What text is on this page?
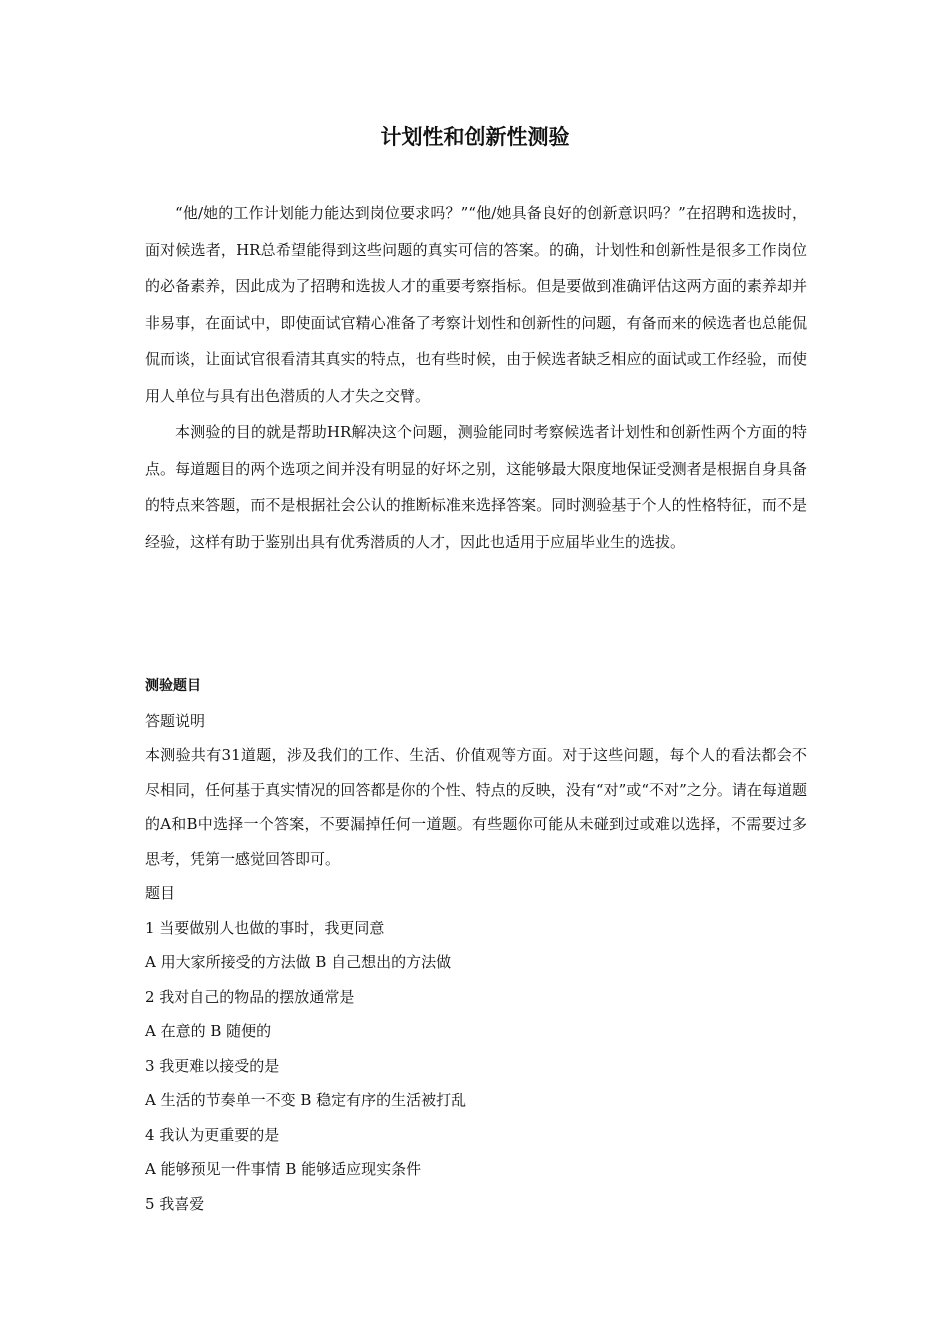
计划性和创新性测验

“他/她的工作计划能力能达到岗位要求吗？”“他/她具备良好的创新意识吗？”在招聘和选拔时，面对候选者，HR总希望能得到这些问题的真实可信的答案。的确，计划性和创新性是很多工作岗位的必备素养，因此成为了招聘和选拔人才的重要考察指标。但是要做到准确评估这两方面的素养却并非易事，在面试中，即使面试官精心准备了考察计划性和创新性的问题，有备而来的候选者也总能侃侃而谈，让面试官很看清其真实的特点，也有些时候，由于候选者缺乏相应的面试或工作经验，而使用人单位与具有出色潜质的人才失之交臂。

本测验的目的就是帮助HR解决这个问题，测验能同时考察候选者计划性和创新性两个方面的特点。每道题目的两个选项之间并没有明显的好坏之别，这能够最大限度地保证受测者是根据自身具备的特点来答题，而不是根据社会公认的推断标准来选择答案。同时测验基于个人的性格特征，而不是经验，这样有助于鉴别出具有优秀潜质的人才，因此也适用于应届毕业生的选拔。

测验题目
答题说明
本测验共有31道题，涉及我们的工作、生活、价值观等方面。对于这些问题，每个人的看法都会不尽相同，任何基于真实情况的回答都是你的个性、特点的反映，没有“对”或“不对”之分。请在每道题的A和B中选择一个答案，不要漏掉任何一道题。有些题你可能从未碰到过或难以选择，不需要过多思考，凭第一感觉回答即可。
题目
1 当要做别人也做的事时，我更同意
A 用大家所接受的方法做 B 自己想出的方法做
2 我对自己的物品的摆放通常是
A 在意的 B 随便的
3 我更难以接受的是
A 生活的节奏单一不变 B 稳定有序的生活被打乱
4 我认为更重要的是
A 能够预见一件事情 B 能够适应现实条件
5 我喜爱
